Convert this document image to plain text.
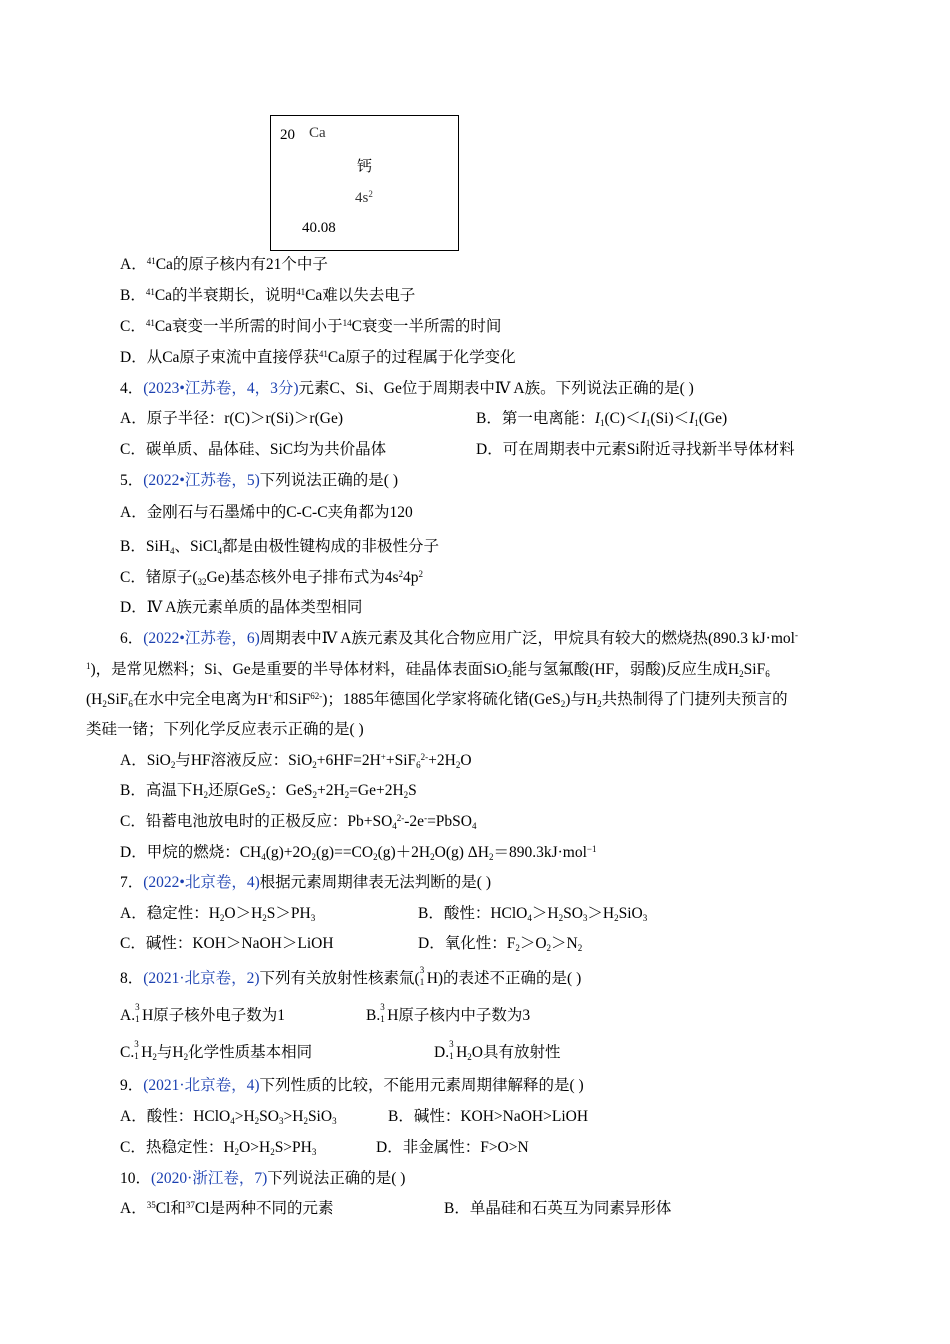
20 Ca
钙
$4s^2$
40.08
A．$^{41}$Ca的原子核内有21个中子
B．$^{41}$Ca的半衰期长，说明$^{41}$Ca难以失去电子
C．$^{41}$Ca衰变一半所需的时间小于$^{14}$C衰变一半所需的时间
D．从Ca原子束流中直接俘获$^{41}$Ca原子的过程属于化学变化
4．(2023•江苏卷，4，3分)元素C、Si、Ge位于周期表中Ⅳ A族。下列说法正确的是( )
A．原子半径：r(C)＞r(Si)＞r(Ge)	B．第一电离能：$I_1(C)<I_1(Si)<I_1(Ge)$
C．碳单质、晶体硅、SiC均为共价晶体	D．可在周期表中元素Si附近寻找新半导体材料
5．(2022•江苏卷，5)下列说法正确的是( )
A．金刚石与石墨烯中的C-C-C夹角都为120
B．SiH$_4$、SiCl$_4$都是由极性键构成的非极性分子
C．锗原子$(_{32}Ge)$基态核外电子排布式为$4s^24p^2$
D．Ⅳ A族元素单质的晶体类型相同
6．(2022•江苏卷，6)周期表中Ⅳ A族元素及其化合物应用广泛，甲烷具有较大的燃烧热(890.3 kJ·mol-
$^1$)，是常见燃料；Si、Ge是重要的半导体材料，硅晶体表面SiO$_2$能与氢氟酸(HF，弱酸)反应生成$H_2SiF_6$
($H_2SiF_6$在水中完全电离为H+和SiF$^{62-}$)；1885年德国化学家将硫化锗(GeS$_2$)与$H_2$共热制得了门捷列夫预言的
类硅一锗；下列化学反应表示正确的是( )
A．SiO$_2$与HF溶液反应：$SiO_2+6HF=2H^++SiF_6^{2-}+2H_2O$
B．高温下$H_2$还原GeS$_2$：$GeS_2+2H_2=Ge+2H_2S$
C．铅蓄电池放电时的正极反应：$Pb+SO_4^{2-}-2e^-=PbSO_4$
D．甲烷的燃烧：$CH_4(g)+2O_2(g)==CO_2(g)+2H_2O(g)$ $\Delta H_2=890.3kJ\cdot mol^{-1}$
7．(2022•北京卷，4)根据元素周期律表无法判断的是( )
A．稳定性：$H_2O>H_2S>PH_3$	B．酸性：$HClO_4>H_2SO_3>H_2SiO_3$
C．碱性：KOH＞NaOH＞LiOH	D．氧化性：$F_2>O_2>N_2$
8．(2021·北京卷，2)下列有关放射性核素氚( 3
1 H)的表述不正确的是( )
A. 3
1 H原子核外电子数为1	B. 3
1 H原子核内中子数为3
C. 3
1 $H_2$与$H_2$化学性质基本相同	D. 3
1 $H_2O$具有放射性
9．(2021·北京卷，4)下列性质的比较，不能用元素周期律解释的是( )
A．酸性：$HClO_4>H_2SO_3>H_2SiO_3$	B．碱性：KOH>NaOH>LiOH
C．热稳定性：$H_2O>H_2S>PH_3$	D．非金属性：F>O>N
10．(2020·浙江卷，7)下列说法正确的是( )
A．$^{35}$Cl和$^{37}$Cl是两种不同的元素	B．单晶硅和石英互为同素异形体
